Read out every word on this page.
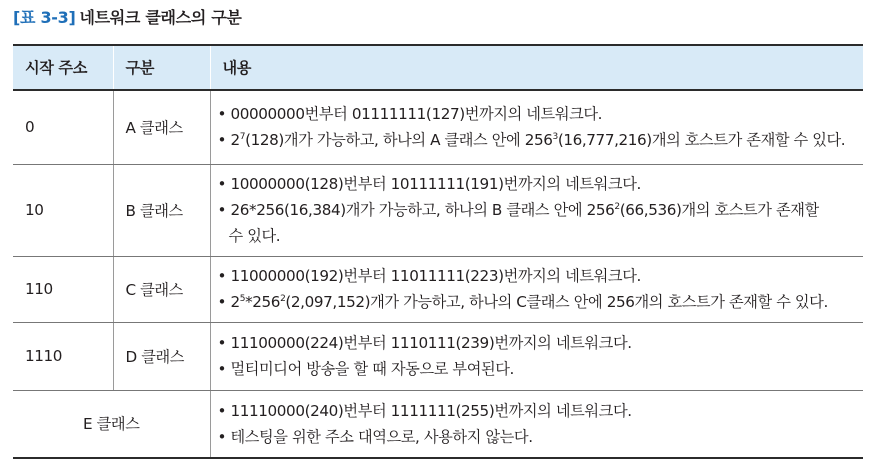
[표 3-3] 네트워크 클래스의 구분
시작 주소	구분	내용
0	A 클래스	• 00000000번부터 01111111(127)번까지의 네트워크다.
• $2^7(128)$개가 가능하고, 하나의 A 클래스 안에 $256^3(16,777,216)$개의 호스트가 존재할 수 있다.

10	B 클래스	• 10000000(128)번부터 10111111(191)번까지의 네트워크다.
• 26*256(16,384)개가 가능하고, 하나의 B 클래스 안에 $256^2(66,536)$개의 호스트가 존재할
수 있다.

110	C 클래스	• 11000000(192)번부터 11011111(223)번까지의 네트워크다.
• $2^5*256^2(2,097,152)$개가 가능하고, 하나의 C클래스 안에 256개의 호스트가 존재할 수 있다.

1110	D 클래스	• 11100000(224)번부터 1110111(239)번까지의 네트워크다.
• 멀티미디어 방송을 할 때 자동으로 부여된다.

E 클래스		• 11110000(240)번부터 1111111(255)번까지의 네트워크다.
• 테스팅을 위한 주소 대역으로, 사용하지 않는다.
